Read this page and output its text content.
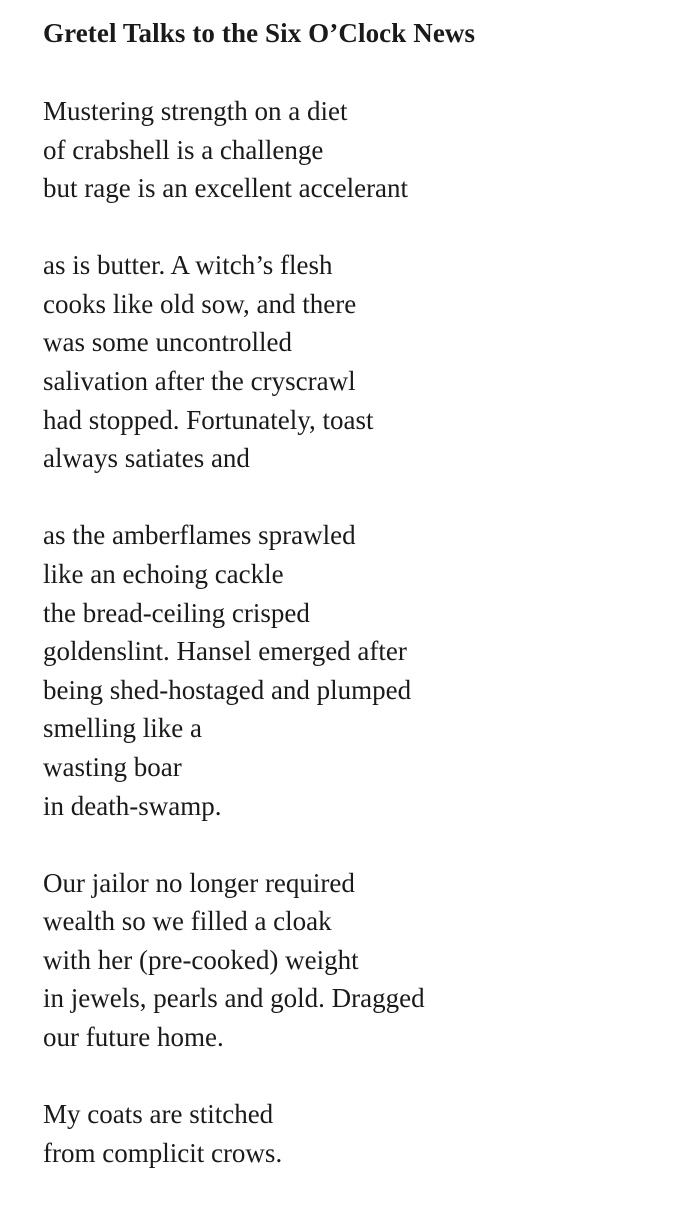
Gretel Talks to the Six O’Clock News
Mustering strength on a diet
of crabshell is a challenge
but rage is an excellent accelerant
as is butter. A witch’s flesh
cooks like old sow, and there
was some uncontrolled
salivation after the cryscrawl
had stopped. Fortunately, toast
always satiates and
as the amberflames sprawled
like an echoing cackle
the bread-ceiling crisped
goldenslint. Hansel emerged after
being shed-hostaged and plumped
smelling like a
wasting boar
in death-swamp.
Our jailor no longer required
wealth so we filled a cloak
with her (pre-cooked) weight
in jewels, pearls and gold. Dragged
our future home.
My coats are stitched
from complicit crows.
